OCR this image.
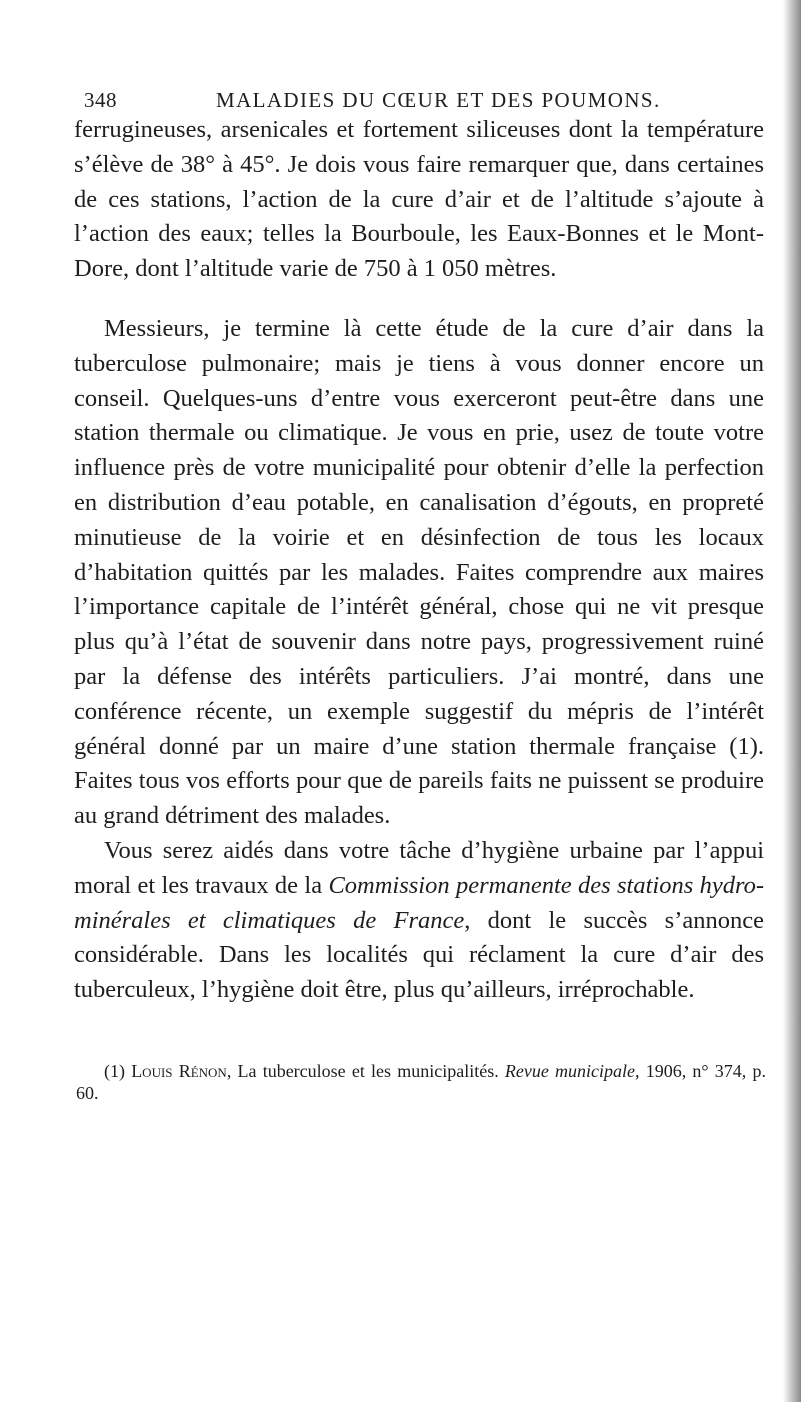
348	MALADIES DU CŒUR ET DES POUMONS.

ferrugineuses, arsenicales et fortement siliceuses dont la température s’élève de 38° à 45°. Je dois vous faire remarquer que, dans certaines de ces stations, l’action de la cure d’air et de l’altitude s’ajoute à l’action des eaux; telles la Bourboule, les Eaux-Bonnes et le Mont-Dore, dont l’altitude varie de 750 à 1 050 mètres.

Messieurs, je termine là cette étude de la cure d’air dans la tuberculose pulmonaire; mais je tiens à vous donner encore un conseil. Quelques-uns d’entre vous exerceront peut-être dans une station thermale ou climatique. Je vous en prie, usez de toute votre influence près de votre municipalité pour obtenir d’elle la perfection en distribution d’eau potable, en canalisation d’égouts, en propreté minutieuse de la voirie et en désinfection de tous les locaux d’habitation quittés par les malades. Faites comprendre aux maires l’importance capitale de l’intérêt général, chose qui ne vit presque plus qu’à l’état de souvenir dans notre pays, progressivement ruiné par la défense des intérêts particuliers. J’ai montré, dans une conférence récente, un exemple suggestif du mépris de l’intérêt général donné par un maire d’une station thermale française (1). Faites tous vos efforts pour que de pareils faits ne puissent se produire au grand détriment des malades.

Vous serez aidés dans votre tâche d’hygiène urbaine par l’appui moral et les travaux de la Commission permanente des stations hydro-minérales et climatiques de France, dont le succès s’annonce considérable. Dans les localités qui réclament la cure d’air des tuberculeux, l’hygiène doit être, plus qu’ailleurs, irréprochable.

(1) Louis Rénon, La tuberculose et les municipalités. Revue municipale, 1906, n° 374, p. 60.
